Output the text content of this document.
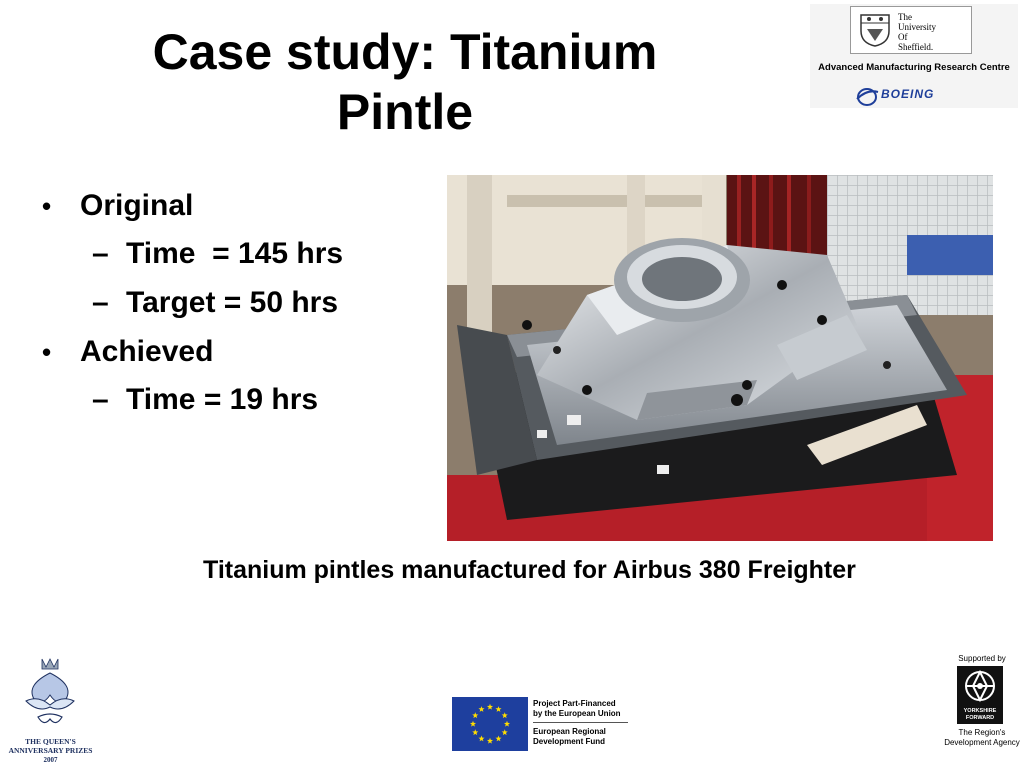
Case study: Titanium
Pintle
• Original
– Time  = 145 hrs
– Target = 50 hrs
• Achieved
– Time = 19 hrs
Titanium pintles manufactured for Airbus 380 Freighter
The
University
Of
Sheffield.
Advanced Manufacturing Research Centre
BOEING
THE QUEEN'S
ANNIVERSARY PRIZES
2007
Project Part-Financed
by the European Union
European Regional
Development Fund
Supported by
YORKSHIRE
FORWARD
The Region's
Development Agency
